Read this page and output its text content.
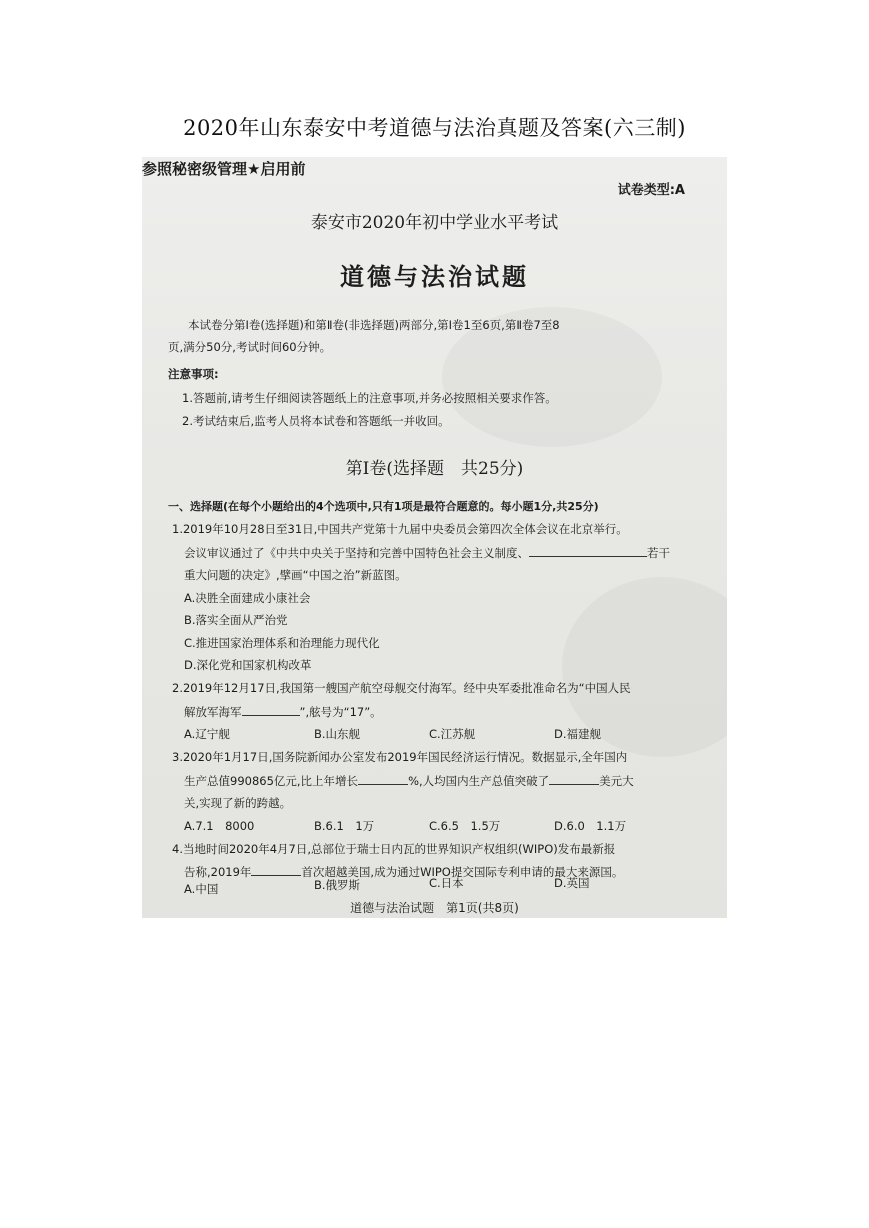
2020年山东泰安中考道德与法治真题及答案(六三制)
参照秘密级管理★启用前
试卷类型:A
泰安市2020年初中学业水平考试
道德与法治试题
本试卷分第Ⅰ卷(选择题)和第Ⅱ卷(非选择题)两部分,第Ⅰ卷1至6页,第Ⅱ卷7至8
页,满分50分,考试时间60分钟。
注意事项:
1.答题前,请考生仔细阅读答题纸上的注意事项,并务必按照相关要求作答。
2.考试结束后,监考人员将本试卷和答题纸一并收回。
第Ⅰ卷(选择题　共25分)
一、选择题(在每个小题给出的4个选项中,只有1项是最符合题意的。每小题1分,共25分)
1.2019年10月28日至31日,中国共产党第十九届中央委员会第四次全体会议在北京举行。
会议审议通过了《中共中央关于坚持和完善中国特色社会主义制度、	若干
重大问题的决定》,擘画“中国之治”新蓝图。
A.决胜全面建成小康社会
B.落实全面从严治党
C.推进国家治理体系和治理能力现代化
D.深化党和国家机构改革
2.2019年12月17日,我国第一艘国产航空母舰交付海军。经中央军委批准命名为“中国人民
解放军海军	”,舷号为“17”。
A.辽宁舰	B.山东舰	C.江苏舰	D.福建舰
3.2020年1月17日,国务院新闻办公室发布2019年国民经济运行情况。数据显示,全年国内
生产总值990865亿元,比上年增长	%,人均国内生产总值突破了	美元大
关,实现了新的跨越。
A.7.1　8000	B.6.1　1万	C.6.5　1.5万	D.6.0　1.1万
4.当地时间2020年4月7日,总部位于瑞士日内瓦的世界知识产权组织(WIPO)发布最新报
告称,2019年	首次超越美国,成为通过WIPO提交国际专利申请的最大来源国。
A.中国	B.俄罗斯	C.日本	D.英国
道德与法治试题　第1页(共8页)
